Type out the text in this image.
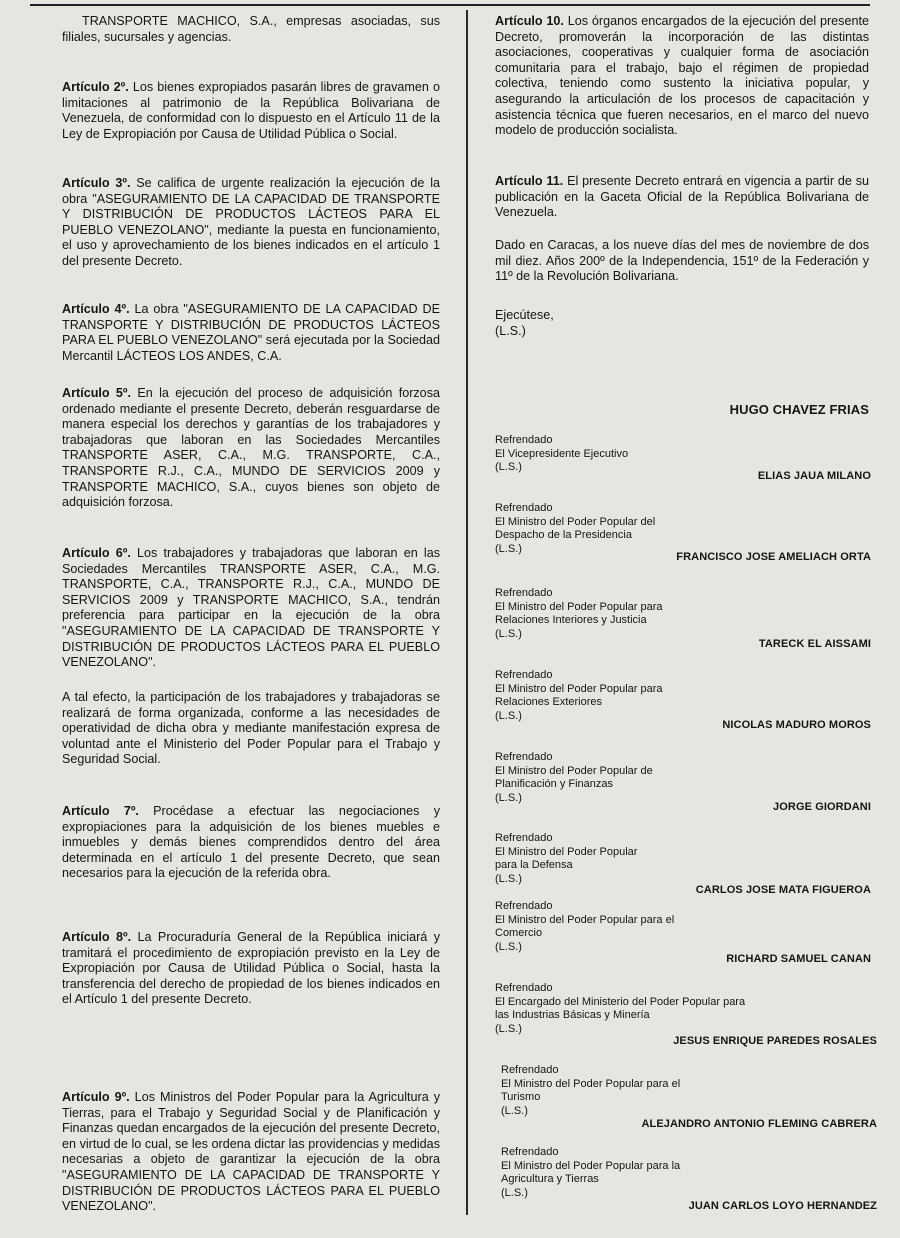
TRANSPORTE MACHICO, S.A., empresas asociadas, sus filiales, sucursales y agencias.

Artículo 2º. Los bienes expropiados pasarán libres de gravamen o limitaciones al patrimonio de la República Bolivariana de Venezuela, de conformidad con lo dispuesto en el Artículo 11 de la Ley de Expropiación por Causa de Utilidad Pública o Social.

Artículo 3º. Se califica de urgente realización la ejecución de la obra "ASEGURAMIENTO DE LA CAPACIDAD DE TRANSPORTE Y DISTRIBUCIÓN DE PRODUCTOS LÁCTEOS PARA EL PUEBLO VENEZOLANO", mediante la puesta en funcionamiento, el uso y aprovechamiento de los bienes indicados en el artículo 1 del presente Decreto.

Artículo 4º. La obra "ASEGURAMIENTO DE LA CAPACIDAD DE TRANSPORTE Y DISTRIBUCIÓN DE PRODUCTOS LÁCTEOS PARA EL PUEBLO VENEZOLANO" será ejecutada por la Sociedad Mercantil LÁCTEOS LOS ANDES, C.A.

Artículo 5º. En la ejecución del proceso de adquisición forzosa ordenado mediante el presente Decreto, deberán resguardarse de manera especial los derechos y garantías de los trabajadores y trabajadoras que laboran en las Sociedades Mercantiles TRANSPORTE ASER, C.A., M.G. TRANSPORTE, C.A., TRANSPORTE R.J., C.A., MUNDO DE SERVICIOS 2009 y TRANSPORTE MACHICO, S.A., cuyos bienes son objeto de adquisición forzosa.

Artículo 6º. Los trabajadores y trabajadoras que laboran en las Sociedades Mercantiles TRANSPORTE ASER, C.A., M.G. TRANSPORTE, C.A., TRANSPORTE R.J., C.A., MUNDO DE SERVICIOS 2009 y TRANSPORTE MACHICO, S.A., tendrán preferencia para participar en la ejecución de la obra "ASEGURAMIENTO DE LA CAPACIDAD DE TRANSPORTE Y DISTRIBUCIÓN DE PRODUCTOS LÁCTEOS PARA EL PUEBLO VENEZOLANO".

A tal efecto, la participación de los trabajadores y trabajadoras se realizará de forma organizada, conforme a las necesidades de operatividad de dicha obra y mediante manifestación expresa de voluntad ante el Ministerio del Poder Popular para el Trabajo y Seguridad Social.

Artículo 7º. Procédase a efectuar las negociaciones y expropiaciones para la adquisición de los bienes muebles e inmuebles y demás bienes comprendidos dentro del área determinada en el artículo 1 del presente Decreto, que sean necesarios para la ejecución de la referida obra.

Artículo 8º. La Procuraduría General de la República iniciará y tramitará el procedimiento de expropiación previsto en la Ley de Expropiación por Causa de Utilidad Pública o Social, hasta la transferencia del derecho de propiedad de los bienes indicados en el Artículo 1 del presente Decreto.

Artículo 9º. Los Ministros del Poder Popular para la Agricultura y Tierras, para el Trabajo y Seguridad Social y de Planificación y Finanzas quedan encargados de la ejecución del presente Decreto, en virtud de lo cual, se les ordena dictar las providencias y medidas necesarias a objeto de garantizar la ejecución de la obra "ASEGURAMIENTO DE LA CAPACIDAD DE TRANSPORTE Y DISTRIBUCIÓN DE PRODUCTOS LÁCTEOS PARA EL PUEBLO VENEZOLANO".

Artículo 10. Los órganos encargados de la ejecución del presente Decreto, promoverán la incorporación de las distintas asociaciones, cooperativas y cualquier forma de asociación comunitaria para el trabajo, bajo el régimen de propiedad colectiva, teniendo como sustento la iniciativa popular, y asegurando la articulación de los procesos de capacitación y asistencia técnica que fueren necesarios, en el marco del nuevo modelo de producción socialista.

Artículo 11. El presente Decreto entrará en vigencia a partir de su publicación en la Gaceta Oficial de la República Bolivariana de Venezuela.

Dado en Caracas, a los nueve días del mes de noviembre de dos mil diez. Años 200º de la Independencia, 151º de la Federación y 11º de la Revolución Bolivariana.

Ejecútese,

(L.S.)

HUGO CHAVEZ FRIAS
Refrendado
El Vicepresidente Ejecutivo
(L.S.)
ELIAS JAUA MILANO
Refrendado
El Ministro del Poder Popular del Despacho de la Presidencia
(L.S.)
FRANCISCO JOSE AMELIACH ORTA
Refrendado
El Ministro del Poder Popular para Relaciones Interiores y Justicia
(L.S.)
TARECK EL AISSAMI
Refrendado
El Ministro del Poder Popular para Relaciones Exteriores
(L.S.)
NICOLAS MADURO MOROS
Refrendado
El Ministro del Poder Popular de Planificación y Finanzas
(L.S.)
JORGE GIORDANI
Refrendado
El Ministro del Poder Popular para la Defensa
(L.S.)
CARLOS JOSE MATA FIGUEROA
Refrendado
El Ministro del Poder Popular para el Comercio
(L.S.)
RICHARD SAMUEL CANAN
Refrendado
El Encargado del Ministerio del Poder Popular para las Industrias Básicas y Minería
(L.S.)
JESUS ENRIQUE PAREDES ROSALES
Refrendado
El Ministro del Poder Popular para el Turismo
(L.S.)
ALEJANDRO ANTONIO FLEMING CABRERA
Refrendado
El Ministro del Poder Popular para la Agricultura y Tierras
(L.S.)
JUAN CARLOS LOYO HERNANDEZ
